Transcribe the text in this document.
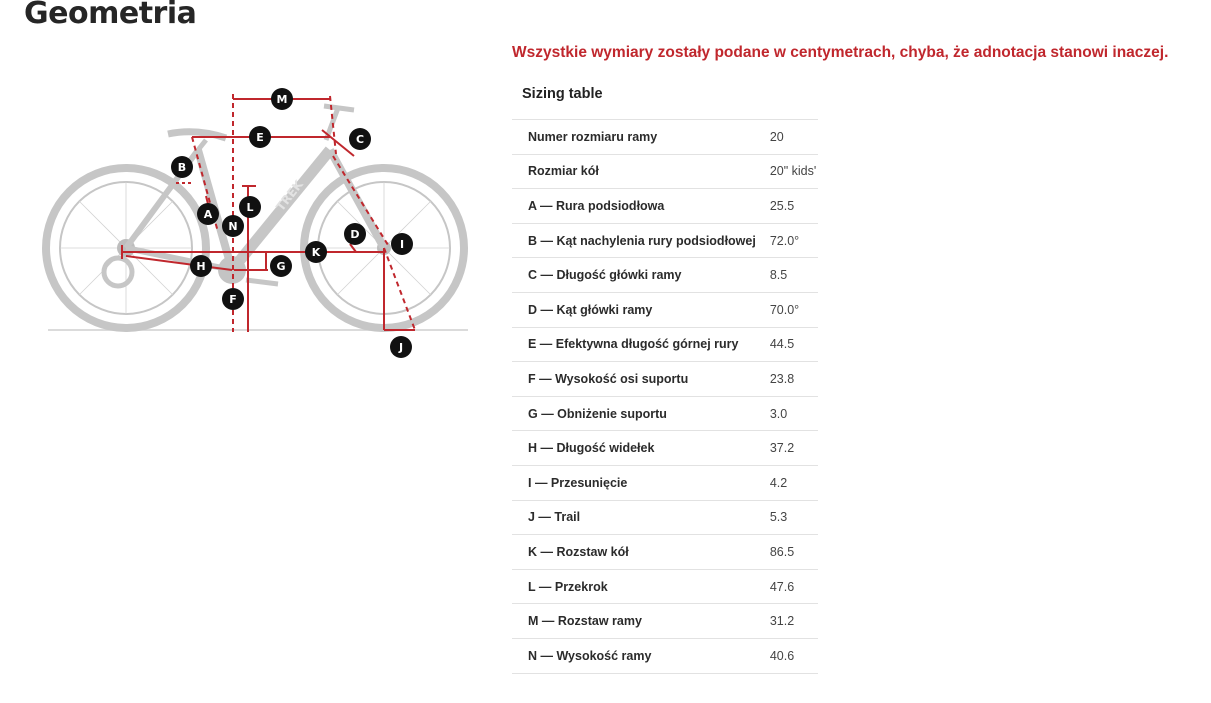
Geometria

Wszystkie wymiary zostały podane w centymetrach, chyba, że adnotacja stanowi inaczej.

TREK
M
E	C
B
A
L
N
D
I
K
H	G
F
J
Sizing table
Numer rozmiaru ramy	20
Rozmiar kół	20" kids'
A — Rura podsiodłowa	25.5
B — Kąt nachylenia rury podsiodłowej	72.0°
C — Długość główki ramy	8.5
D — Kąt główki ramy	70.0°
E — Efektywna długość górnej rury	44.5
F — Wysokość osi suportu	23.8
G — Obniżenie suportu	3.0
H — Długość widełek	37.2
I — Przesunięcie	4.2
J — Trail	5.3
K — Rozstaw kół	86.5
L — Przekrok	47.6
M — Rozstaw ramy	31.2
N — Wysokość ramy	40.6
